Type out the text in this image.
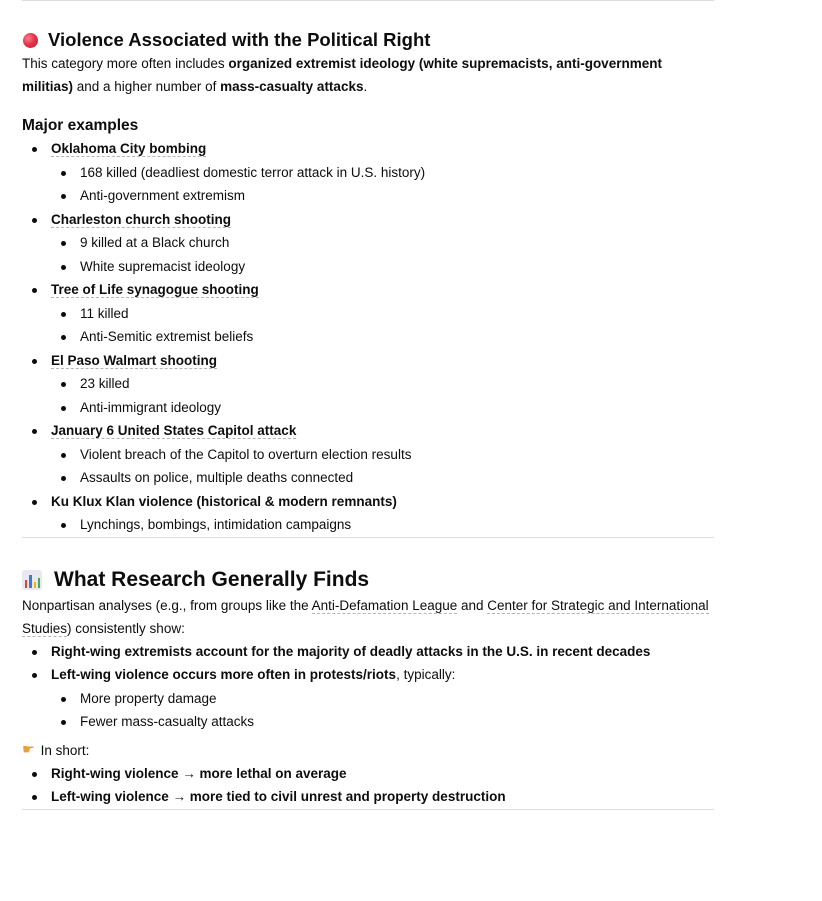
Violence Associated with the Political Right

This category more often includes organized extremist ideology (white supremacists, anti-government militias) and a higher number of mass-casualty attacks.

Major examples
Oklahoma City bombing
168 killed (deadliest domestic terror attack in U.S. history)
Anti-government extremism
Charleston church shooting
9 killed at a Black church
White supremacist ideology
Tree of Life synagogue shooting
11 killed
Anti-Semitic extremist beliefs
El Paso Walmart shooting
23 killed
Anti-immigrant ideology
January 6 United States Capitol attack
Violent breach of the Capitol to overturn election results
Assaults on police, multiple deaths connected
Ku Klux Klan violence (historical & modern remnants)
Lynchings, bombings, intimidation campaigns
What Research Generally Finds

Nonpartisan analyses (e.g., from groups like the Anti-Defamation League and Center for Strategic and International Studies) consistently show:

Right-wing extremists account for the majority of deadly attacks in the U.S. in recent decades
Left-wing violence occurs more often in protests/riots, typically:
More property damage
Fewer mass-casualty attacks
☛ In short:
Right-wing violence → more lethal on average
Left-wing violence → more tied to civil unrest and property destruction
